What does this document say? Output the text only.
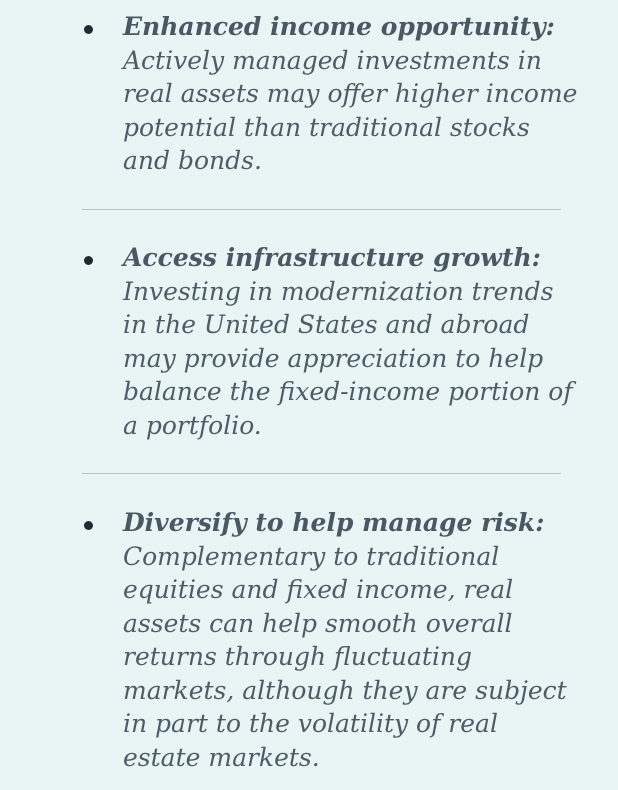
Enhanced income opportunity: Actively managed investments in real assets may offer higher income potential than traditional stocks and bonds.
Access infrastructure growth: Investing in modernization trends in the United States and abroad may provide appreciation to help balance the fixed-income portion of a portfolio.
Diversify to help manage risk: Complementary to traditional equities and fixed income, real assets can help smooth overall returns through fluctuating markets, although they are subject in part to the volatility of real estate markets.
